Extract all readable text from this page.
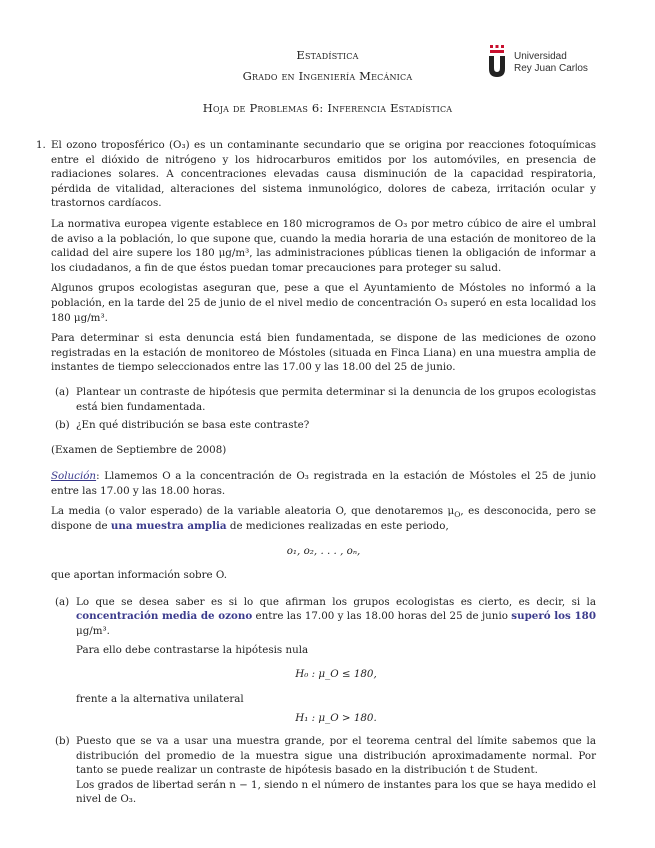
Estadística
Grado en Ingeniería Mecánica
Hoja de Problemas 6: Inferencia Estadística
Universidad
Rey Juan Carlos
1. El ozono troposférico (O₃) es un contaminante secundario que se origina por reacciones fotoquímicas entre el dióxido de nitrógeno y los hidrocarburos emitidos por los automóviles, en presencia de radiaciones solares. A concentraciones elevadas causa disminución de la capacidad respiratoria, pérdida de vitalidad, alteraciones del sistema inmunológico, dolores de cabeza, irritación ocular y trastornos cardíacos.

La normativa europea vigente establece en 180 microgramos de O₃ por metro cúbico de aire el umbral de aviso a la población, lo que supone que, cuando la media horaria de una estación de monitoreo de la calidad del aire supere los 180 μg/m³, las administraciones públicas tienen la obligación de informar a los ciudadanos, a fin de que éstos puedan tomar precauciones para proteger su salud.

Algunos grupos ecologistas aseguran que, pese a que el Ayuntamiento de Móstoles no informó a la población, en la tarde del 25 de junio de el nivel medio de concentración O₃ superó en esta localidad los 180 μg/m³.

Para determinar si esta denuncia está bien fundamentada, se dispone de las mediciones de ozono registradas en la estación de monitoreo de Móstoles (situada en Finca Liana) en una muestra amplia de instantes de tiempo seleccionados entre las 17.00 y las 18.00 del 25 de junio.

(a) Plantear un contraste de hipótesis que permita determinar si la denuncia de los grupos ecologistas está bien fundamentada.
(b) ¿En qué distribución se basa este contraste?

(Examen de Septiembre de 2008)

Solución: Llamemos O a la concentración de O₃ registrada en la estación de Móstoles el 25 de junio entre las 17.00 y las 18.00 horas.

La media (o valor esperado) de la variable aleatoria O, que denotaremos $\mu_O$, es desconocida, pero se dispone de una muestra amplia de mediciones realizadas en este periodo,

o₁, o₂, . . . , oₙ,

que aportan información sobre O.

(a) Lo que se desea saber es si lo que afirman los grupos ecologistas es cierto, es decir, si la concentración media de ozono entre las 17.00 y las 18.00 horas del 25 de junio superó los 180 μg/m³.
Para ello debe contrastarse la hipótesis nula
H₀ : μ_O ≤ 180,
frente a la alternativa unilateral
H₁ : μ_O > 180.
(b) Puesto que se va a usar una muestra grande, por el teorema central del límite sabemos que la distribución del promedio de la muestra sigue una distribución aproximadamente normal. Por tanto se puede realizar un contraste de hipótesis basado en la distribución t de Student.
Los grados de libertad serán n − 1, siendo n el número de instantes para los que se haya medido el nivel de O₃.
